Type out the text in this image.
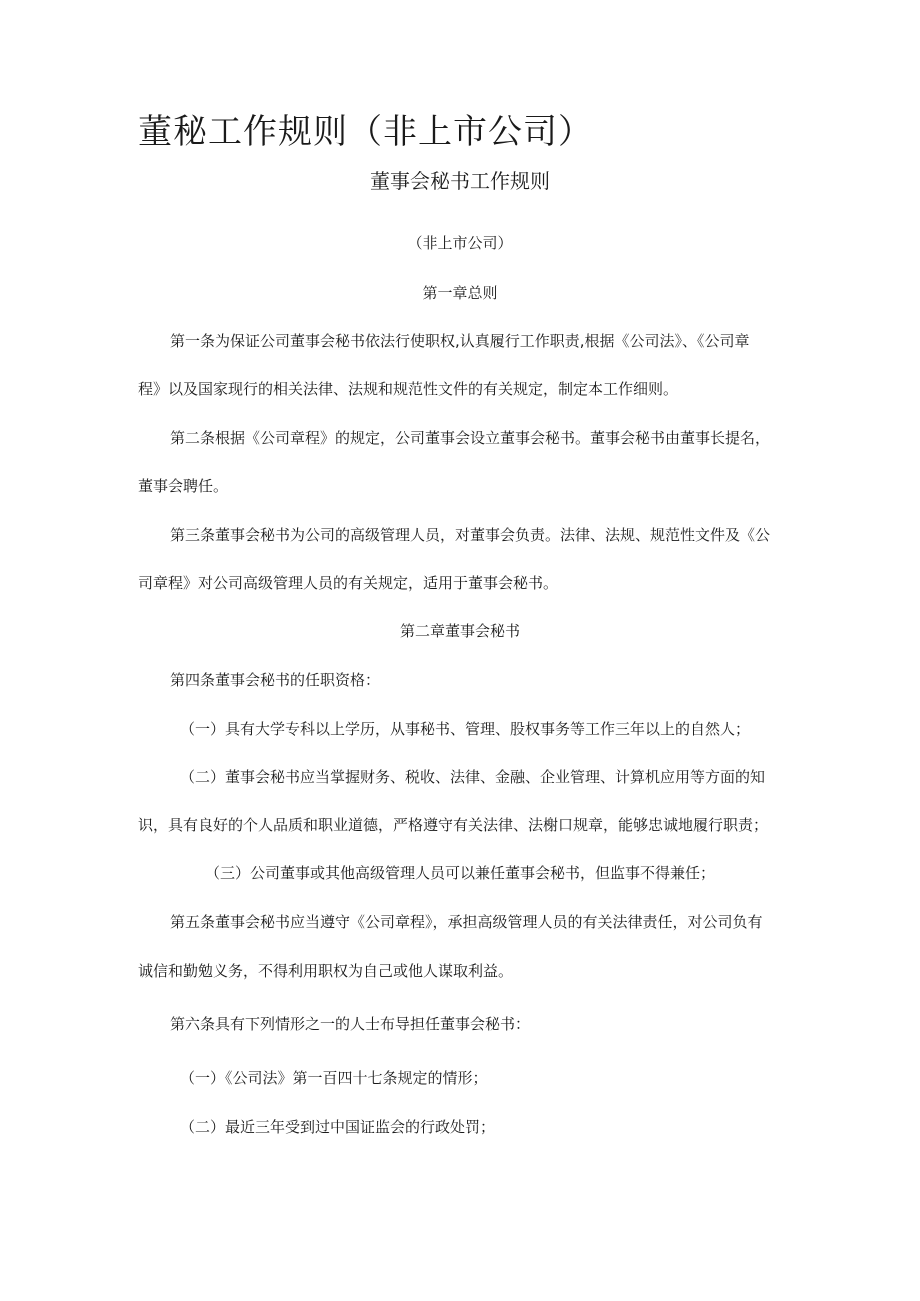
董秘工作规则（非上市公司）
董事会秘书工作规则
（非上市公司）
第一章总则
第一条为保证公司董事会秘书依法行使职权,认真履行工作职责,根据《公司法》、《公司章
程》以及国家现行的相关法律、法规和规范性文件的有关规定，制定本工作细则。
第二条根据《公司章程》的规定，公司董事会设立董事会秘书。董事会秘书由董事长提名，
董事会聘任。
第三条董事会秘书为公司的高级管理人员，对董事会负责。法律、法规、规范性文件及《公
司章程》对公司高级管理人员的有关规定，适用于董事会秘书。
第二章董事会秘书
第四条董事会秘书的任职资格：
（一）具有大学专科以上学历，从事秘书、管理、股权事务等工作三年以上的自然人；
（二）董事会秘书应当掌握财务、税收、法律、金融、企业管理、计算机应用等方面的知
识，具有良好的个人品质和职业道德，严格遵守有关法律、法榭口规章，能够忠诚地履行职责；
（三）公司董事或其他高级管理人员可以兼任董事会秘书，但监事不得兼任；
第五条董事会秘书应当遵守《公司章程》，承担高级管理人员的有关法律责任，对公司负有
诚信和勤勉义务，不得利用职权为自己或他人谋取利益。
第六条具有下列情形之一的人士布导担任董事会秘书：
（一）《公司法》第一百四十七条规定的情形；
（二）最近三年受到过中国证监会的行政处罚；
